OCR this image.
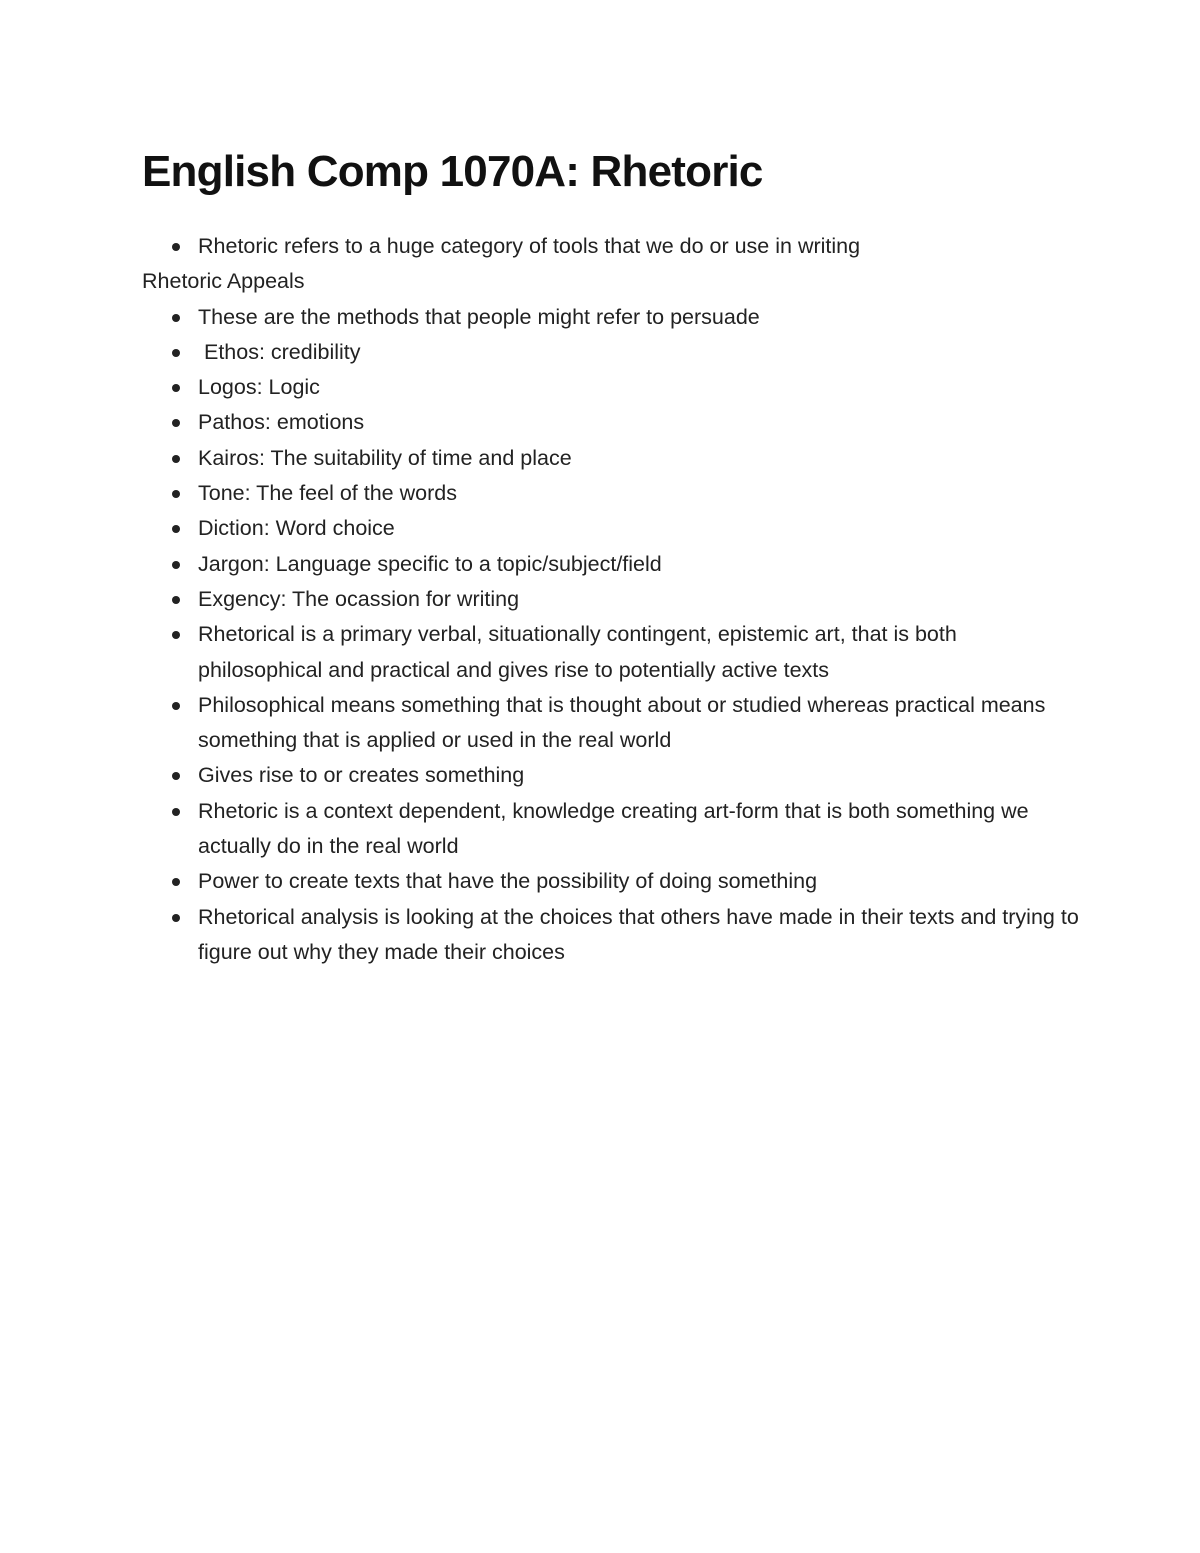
English Comp 1070A: Rhetoric
Rhetoric refers to a huge category of tools that we do or use in writing

Rhetoric Appeals

These are the methods that people might refer to persuade
Ethos: credibility
Logos: Logic
Pathos: emotions
Kairos: The suitability of time and place
Tone: The feel of the words
Diction: Word choice
Jargon: Language specific to a topic/subject/field
Exgency: The ocassion for writing
Rhetorical is a primary verbal, situationally contingent, epistemic art, that is both philosophical and practical and gives rise to potentially active texts
Philosophical means something that is thought about or studied whereas practical means something that is applied or used in the real world
Gives rise to or creates something
Rhetoric is a context dependent, knowledge creating art-form that is both something we actually do in the real world
Power to create texts that have the possibility of doing something
Rhetorical analysis is looking at the choices that others have made in their texts and trying to figure out why they made their choices
